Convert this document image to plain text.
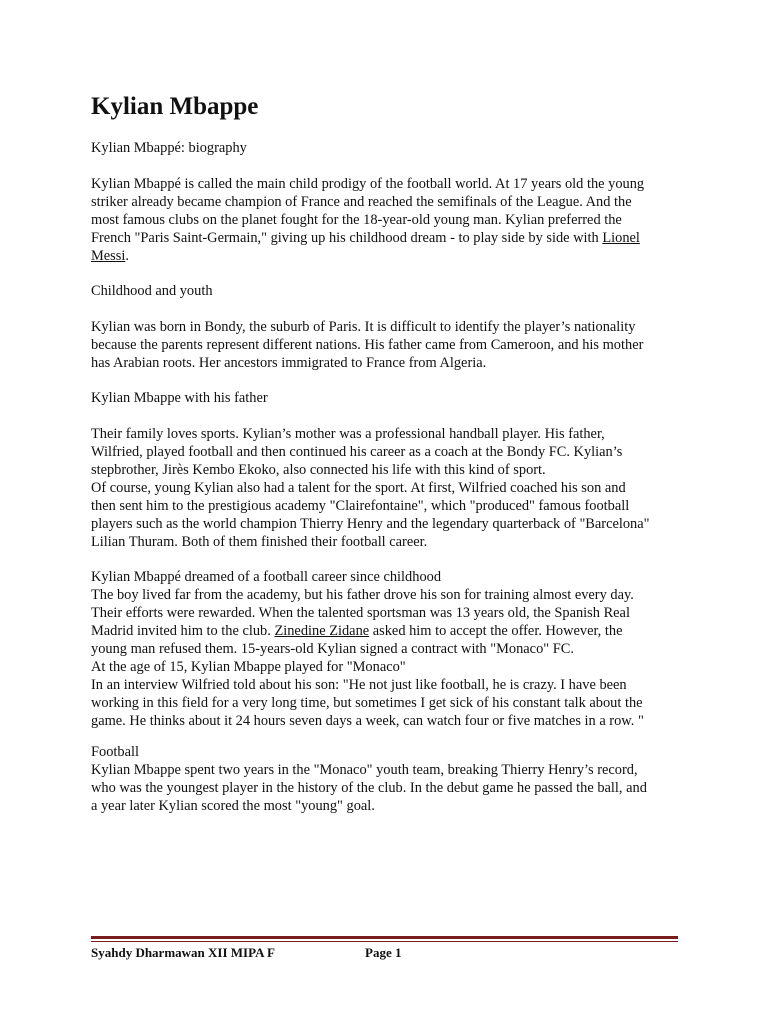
Kylian Mbappe

Kylian Mbappé: biography

Kylian Mbappé is called the main child prodigy of the football world. At 17 years old the young
striker already became champion of France and reached the semifinals of the League. And the
most famous clubs on the planet fought for the 18-year-old young man. Kylian preferred the
French "Paris Saint-Germain," giving up his childhood dream - to play side by side with Lionel
Messi.

Childhood and youth

Kylian was born in Bondy, the suburb of Paris. It is difficult to identify the player’s nationality
because the parents represent different nations. His father came from Cameroon, and his mother
has Arabian roots. Her ancestors immigrated to France from Algeria.

Kylian Mbappe with his father

Their family loves sports. Kylian’s mother was a professional handball player. His father,
Wilfried, played football and then continued his career as a coach at the Bondy FC. Kylian’s
stepbrother, Jirès Kembo Ekoko, also connected his life with this kind of sport.
Of course, young Kylian also had a talent for the sport. At first, Wilfried coached his son and
then sent him to the prestigious academy "Clairefontaine", which "produced" famous football
players such as the world champion Thierry Henry and the legendary quarterback of "Barcelona"
Lilian Thuram. Both of them finished their football career.

Kylian Mbappé dreamed of a football career since childhood
The boy lived far from the academy, but his father drove his son for training almost every day.
Their efforts were rewarded. When the talented sportsman was 13 years old, the Spanish Real
Madrid invited him to the club. Zinedine Zidane asked him to accept the offer. However, the
young man refused them. 15-years-old Kylian signed a contract with "Monaco" FC.
At the age of 15, Kylian Mbappe played for "Monaco"
In an interview Wilfried told about his son: "He not just like football, he is crazy. I have been
working in this field for a very long time, but sometimes I get sick of his constant talk about the
game. He thinks about it 24 hours seven days a week, can watch four or five matches in a row. "

Football

Kylian Mbappe spent two years in the "Monaco" youth team, breaking Thierry Henry’s record,
who was the youngest player in the history of the club. In the debut game he passed the ball, and
a year later Kylian scored the most "young" goal.

Syahdy Dharmawan XII MIPA F	Page 1
